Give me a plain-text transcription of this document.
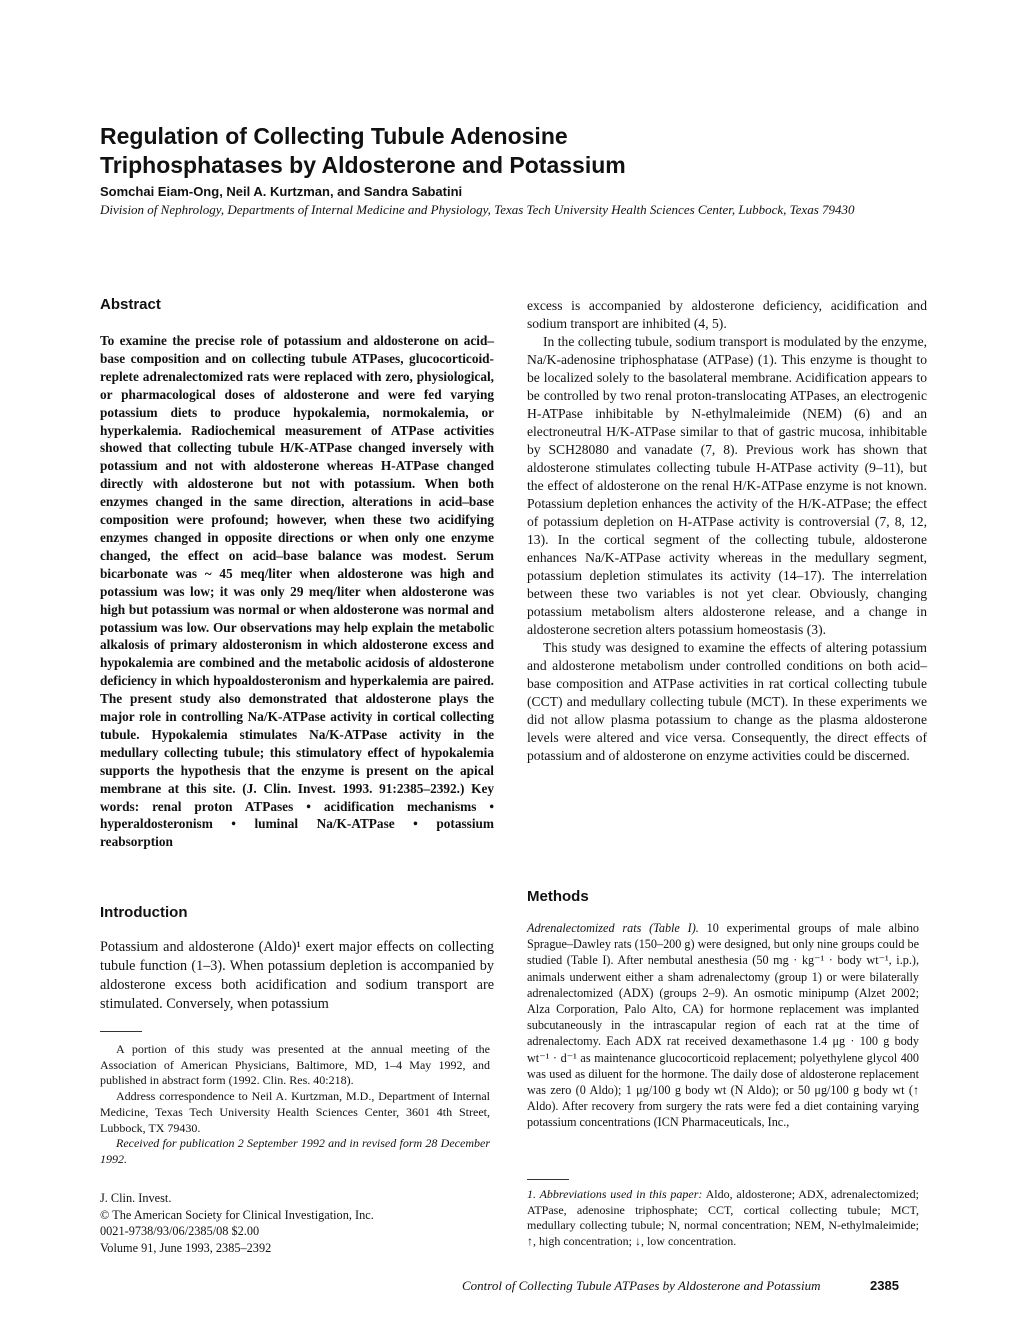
Regulation of Collecting Tubule Adenosine
Triphosphatases by Aldosterone and Potassium
Somchai Eiam-Ong, Neil A. Kurtzman, and Sandra Sabatini
Division of Nephrology, Departments of Internal Medicine and Physiology, Texas Tech University Health Sciences Center, Lubbock, Texas 79430
Abstract

To examine the precise role of potassium and aldosterone on acid–base composition and on collecting tubule ATPases, glucocorticoid-replete adrenalectomized rats were replaced with zero, physiological, or pharmacological doses of aldosterone and were fed varying potassium diets to produce hypokalemia, normokalemia, or hyperkalemia. Radiochemical measurement of ATPase activities showed that collecting tubule H/K-ATPase changed inversely with potassium and not with aldosterone whereas H-ATPase changed directly with aldosterone but not with potassium. When both enzymes changed in the same direction, alterations in acid–base composition were profound; however, when these two acidifying enzymes changed in opposite directions or when only one enzyme changed, the effect on acid–base balance was modest. Serum bicarbonate was ~ 45 meq/liter when aldosterone was high and potassium was low; it was only 29 meq/liter when aldosterone was high but potassium was normal or when aldosterone was normal and potassium was low. Our observations may help explain the metabolic alkalosis of primary aldosteronism in which aldosterone excess and hypokalemia are combined and the metabolic acidosis of aldosterone deficiency in which hypoaldosteronism and hyperkalemia are paired. The present study also demonstrated that aldosterone plays the major role in controlling Na/K-ATPase activity in cortical collecting tubule. Hypokalemia stimulates Na/K-ATPase activity in the medullary collecting tubule; this stimulatory effect of hypokalemia supports the hypothesis that the enzyme is present on the apical membrane at this site. (J. Clin. Invest. 1993. 91:2385–2392.) Key words: renal proton ATPases • acidification mechanisms • hyperaldosteronism • luminal Na/K-ATPase • potassium reabsorption

Introduction

Potassium and aldosterone (Aldo)¹ exert major effects on collecting tubule function (1–3). When potassium depletion is accompanied by aldosterone excess both acidification and sodium transport are stimulated. Conversely, when potassium

A portion of this study was presented at the annual meeting of the Association of American Physicians, Baltimore, MD, 1–4 May 1992, and published in abstract form (1992. Clin. Res. 40:218).

Address correspondence to Neil A. Kurtzman, M.D., Department of Internal Medicine, Texas Tech University Health Sciences Center, 3601 4th Street, Lubbock, TX 79430.

Received for publication 2 September 1992 and in revised form 28 December 1992.

J. Clin. Invest.
© The American Society for Clinical Investigation, Inc.
0021-9738/93/06/2385/08 $2.00
Volume 91, June 1993, 2385–2392

excess is accompanied by aldosterone deficiency, acidification and sodium transport are inhibited (4, 5).

In the collecting tubule, sodium transport is modulated by the enzyme, Na/K-adenosine triphosphatase (ATPase) (1). This enzyme is thought to be localized solely to the basolateral membrane. Acidification appears to be controlled by two renal proton-translocating ATPases, an electrogenic H-ATPase inhibitable by N-ethylmaleimide (NEM) (6) and an electroneutral H/K-ATPase similar to that of gastric mucosa, inhibitable by SCH28080 and vanadate (7, 8). Previous work has shown that aldosterone stimulates collecting tubule H-ATPase activity (9–11), but the effect of aldosterone on the renal H/K-ATPase enzyme is not known. Potassium depletion enhances the activity of the H/K-ATPase; the effect of potassium depletion on H-ATPase activity is controversial (7, 8, 12, 13). In the cortical segment of the collecting tubule, aldosterone enhances Na/K-ATPase activity whereas in the medullary segment, potassium depletion stimulates its activity (14–17). The interrelation between these two variables is not yet clear. Obviously, changing potassium metabolism alters aldosterone release, and a change in aldosterone secretion alters potassium homeostasis (3).

This study was designed to examine the effects of altering potassium and aldosterone metabolism under controlled conditions on both acid–base composition and ATPase activities in rat cortical collecting tubule (CCT) and medullary collecting tubule (MCT). In these experiments we did not allow plasma potassium to change as the plasma aldosterone levels were altered and vice versa. Consequently, the direct effects of potassium and of aldosterone on enzyme activities could be discerned.

Methods

Adrenalectomized rats (Table I). 10 experimental groups of male albino Sprague–Dawley rats (150–200 g) were designed, but only nine groups could be studied (Table I). After nembutal anesthesia (50 mg · kg⁻¹ · body wt⁻¹, i.p.), animals underwent either a sham adrenalectomy (group 1) or were bilaterally adrenalectomized (ADX) (groups 2–9). An osmotic minipump (Alzet 2002; Alza Corporation, Palo Alto, CA) for hormone replacement was implanted subcutaneously in the intrascapular region of each rat at the time of adrenalectomy. Each ADX rat received dexamethasone 1.4 μg · 100 g body wt⁻¹ · d⁻¹ as maintenance glucocorticoid replacement; polyethylene glycol 400 was used as diluent for the hormone. The daily dose of aldosterone replacement was zero (0 Aldo); 1 μg/100 g body wt (N Aldo); or 50 μg/100 g body wt (↑ Aldo). After recovery from surgery the rats were fed a diet containing varying potassium concentrations (ICN Pharmaceuticals, Inc.,

1. Abbreviations used in this paper: Aldo, aldosterone; ADX, adrenalectomized; ATPase, adenosine triphosphate; CCT, cortical collecting tubule; MCT, medullary collecting tubule; N, normal concentration; NEM, N-ethylmaleimide; ↑, high concentration; ↓, low concentration.

Control of Collecting Tubule ATPases by Aldosterone and Potassium	2385
